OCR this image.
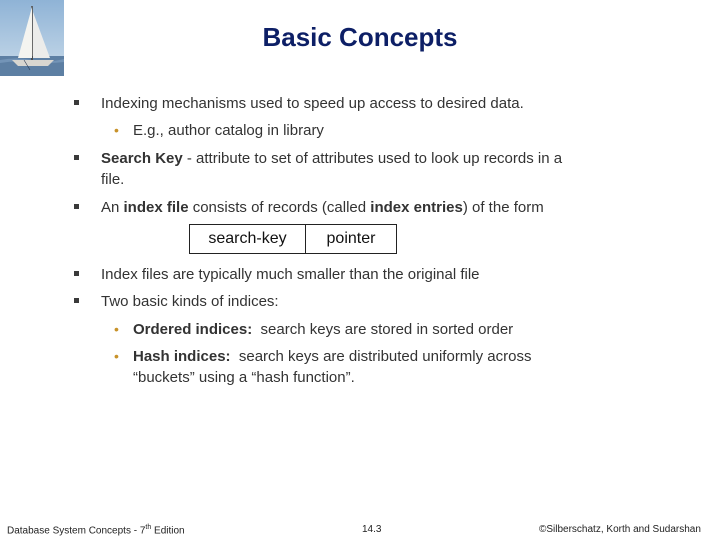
Basic Concepts
Indexing mechanisms used to speed up access to desired data.
• E.g., author catalog in library
Search Key - attribute to set of attributes used to look up records in a
file.
An index file consists of records (called index entries) of the form
search-key	pointer
Index files are typically much smaller than the original file
Two basic kinds of indices:
• Ordered indices:  search keys are stored in sorted order
• Hash indices:  search keys are distributed uniformly across
“buckets” using a “hash function”.
Database System Concepts - 7th Edition	14.3	©Silberschatz, Korth and Sudarshan
